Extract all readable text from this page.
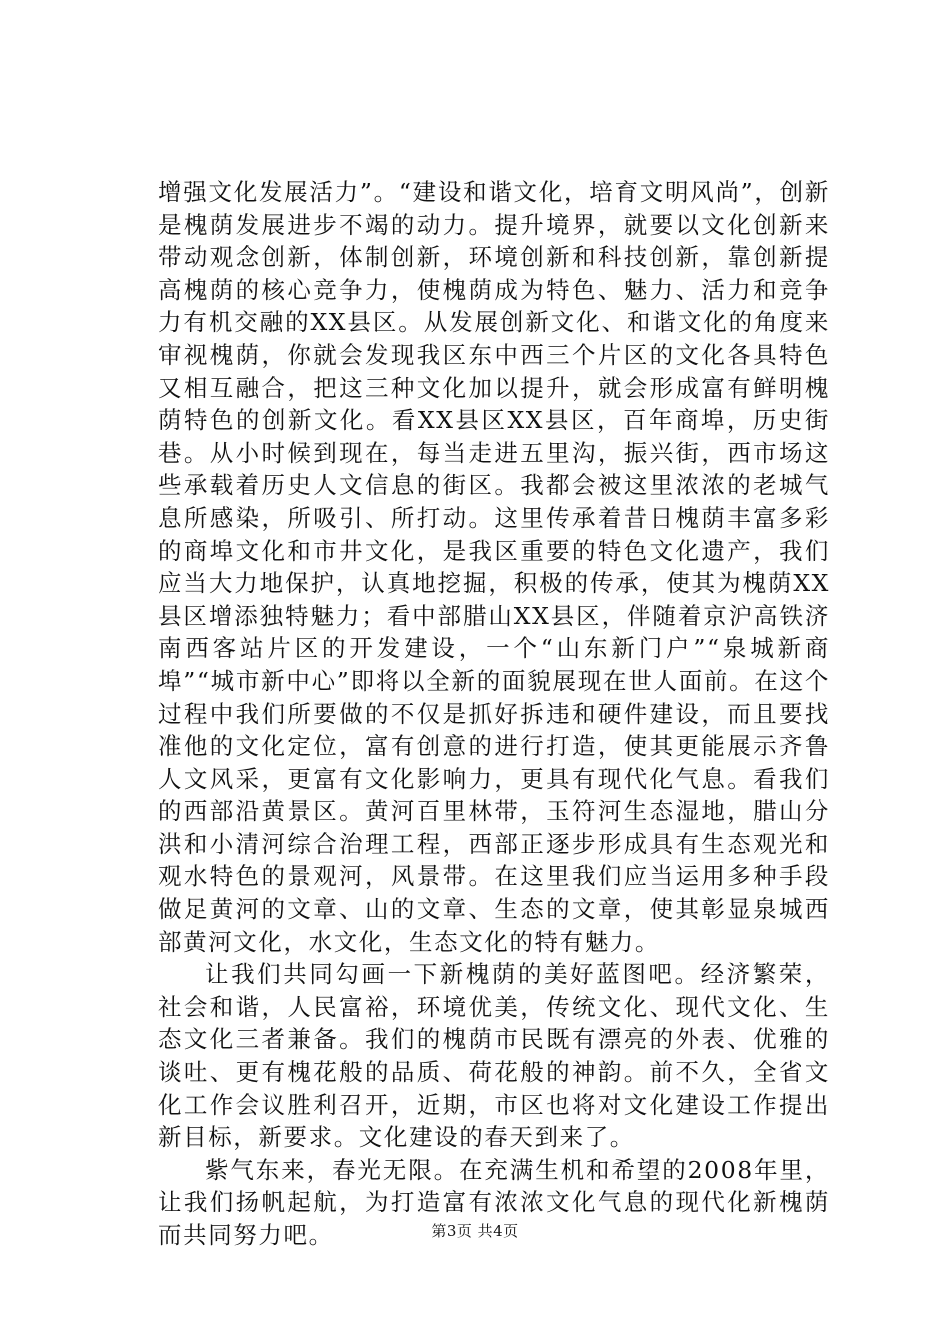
增强文化发展活力”。“建设和谐文化，培育文明风尚”，创新是槐荫发展进步不竭的动力。提升境界，就要以文化创新来带动观念创新，体制创新，环境创新和科技创新，靠创新提高槐荫的核心竞争力，使槐荫成为特色、魅力、活力和竞争力有机交融的XX县区。从发展创新文化、和谐文化的角度来审视槐荫，你就会发现我区东中西三个片区的文化各具特色又相互融合，把这三种文化加以提升，就会形成富有鲜明槐荫特色的创新文化。看XX县区XX县区，百年商埠，历史街巷。从小时候到现在，每当走进五里沟，振兴街，西市场这些承载着历史人文信息的街区。我都会被这里浓浓的老城气息所感染，所吸引、所打动。这里传承着昔日槐荫丰富多彩的商埠文化和市井文化，是我区重要的特色文化遗产，我们应当大力地保护，认真地挖掘，积极的传承，使其为槐荫XX县区增添独特魅力；看中部腊山XX县区，伴随着京沪高铁济南西客站片区的开发建设，一个“山东新门户”“泉城新商埠”“城市新中心”即将以全新的面貌展现在世人面前。在这个过程中我们所要做的不仅是抓好拆违和硬件建设，而且要找准他的文化定位，富有创意的进行打造，使其更能展示齐鲁人文风采，更富有文化影响力，更具有现代化气息。看我们的西部沿黄景区。黄河百里林带，玉符河生态湿地，腊山分洪和小清河综合治理工程，西部正逐步形成具有生态观光和观水特色的景观河，风景带。在这里我们应当运用多种手段做足黄河的文章、山的文章、生态的文章，使其彰显泉城西部黄河文化，水文化，生态文化的特有魅力。

让我们共同勾画一下新槐荫的美好蓝图吧。经济繁荣，社会和谐，人民富裕，环境优美，传统文化、现代文化、生态文化三者兼备。我们的槐荫市民既有漂亮的外表、优雅的谈吐、更有槐花般的品质、荷花般的神韵。前不久，全省文化工作会议胜利召开，近期，市区也将对文化建设工作提出新目标，新要求。文化建设的春天到来了。

紫气东来，春光无限。在充满生机和希望的2008年里，让我们扬帆起航，为打造富有浓浓文化气息的现代化新槐荫而共同努力吧。	第3页 共4页
